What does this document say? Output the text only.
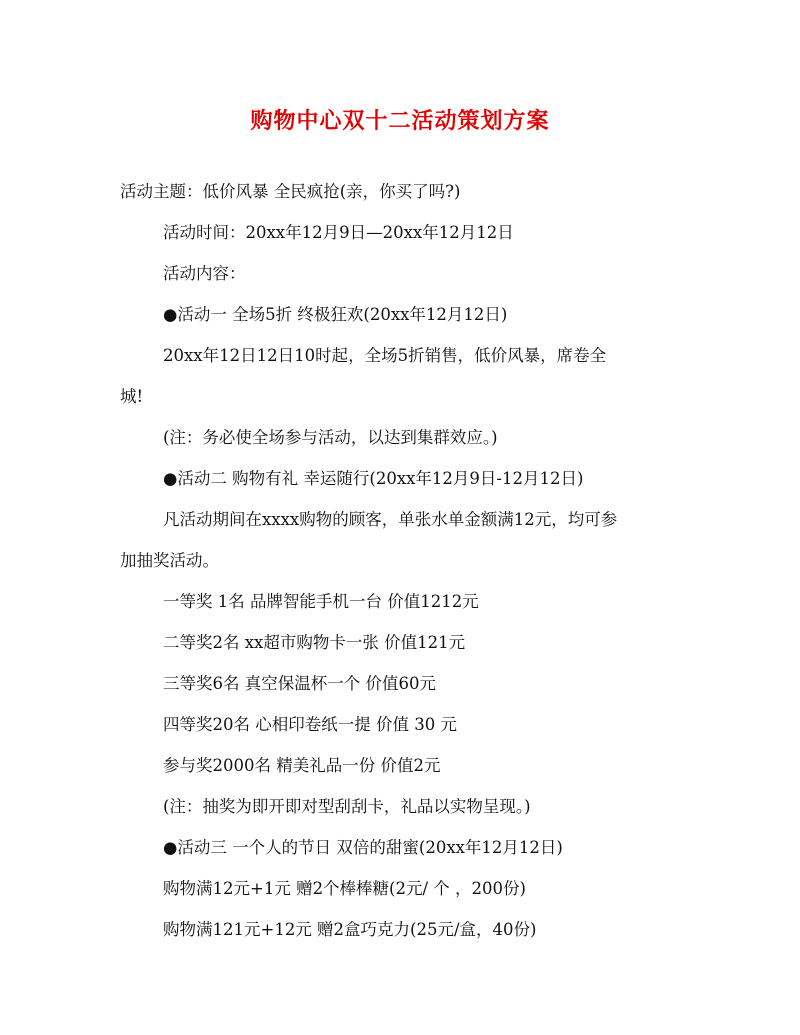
购物中心双十二活动策划方案
活动主题：低价风暴 全民疯抢(亲，你买了吗?)
活动时间：20xx年12月9日—20xx年12月12日
活动内容：
●活动一 全场5折 终极狂欢(20xx年12月12日)
20xx年12日12日10时起，全场5折销售，低价风暴，席卷全
城!
(注：务必使全场参与活动，以达到集群效应。)
●活动二 购物有礼 幸运随行(20xx年12月9日-12月12日)
凡活动期间在xxxx购物的顾客，单张水单金额满12元，均可参
加抽奖活动。
一等奖 1名 品牌智能手机一台 价值1212元
二等奖2名 xx超市购物卡一张 价值121元
三等奖6名 真空保温杯一个 价值60元
四等奖20名 心相印卷纸一提 价值 30 元
参与奖2000名 精美礼品一份 价值2元
(注：抽奖为即开即对型刮刮卡，礼品以实物呈现。)
●活动三 一个人的节日 双倍的甜蜜(20xx年12月12日)
购物满12元+1元 赠2个棒棒糖(2元/ 个 ，200份)
购物满121元+12元 赠2盒巧克力(25元/盒，40份)
